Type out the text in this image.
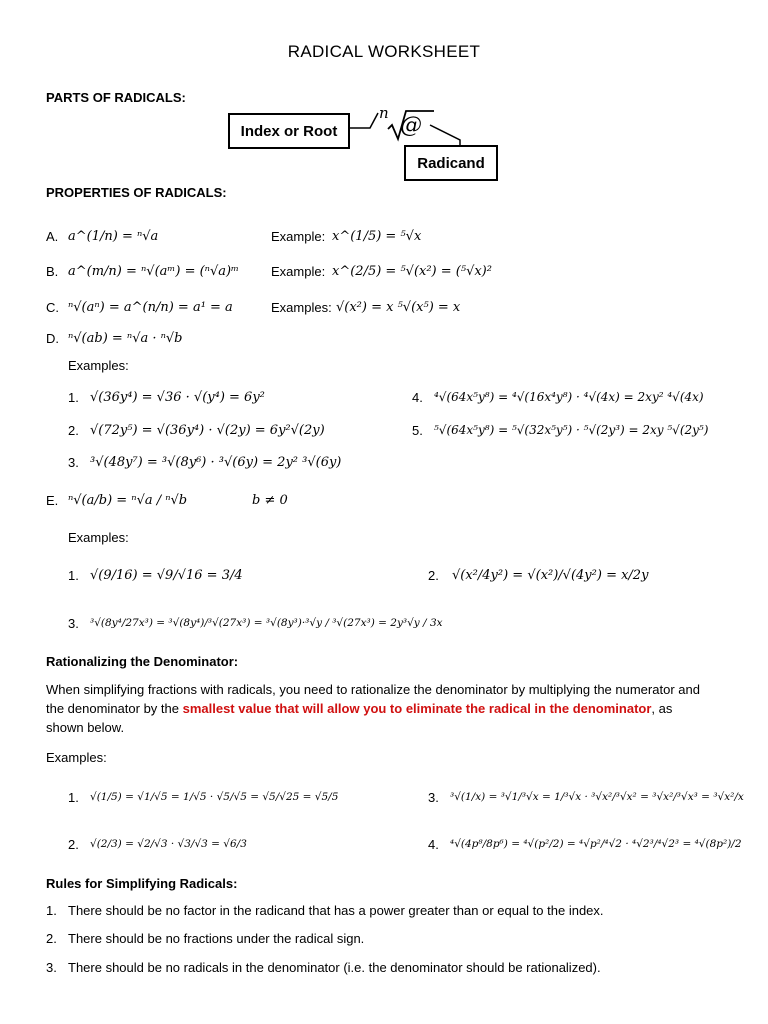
RADICAL WORKSHEET
PARTS OF RADICALS:
Index or Root
n @
Radicand
PROPERTIES OF RADICALS:
A. a^(1/n) = ⁿ√a	Example: x^(1/5) = ⁵√x
B. a^(m/n) = ⁿ√(aᵐ) = (ⁿ√a)ᵐ Example: x^(2/5) = ⁵√(x²) = (⁵√x)²
C. ⁿ√(aⁿ) = a^(n/n) = a¹ = a	Examples: √(x²) = x ⁵√(x⁵) = x
D. ⁿ√(ab) = ⁿ√a · ⁿ√b
Examples:
1. √(36y⁴) = √36 · √(y⁴) = 6y²
2. √(72y⁵) = √(36y⁴) · √(2y) = 6y²√(2y)
3. ³√(48y⁷) = ³√(8y⁶) · ³√(6y) = 2y² ³√(6y)
4. ⁴√(64x⁵y⁸) = ⁴√(16x⁴y⁸) · ⁴√(4x) = 2xy² ⁴√(4x)
5. ⁵√(64x⁵y⁸) = ⁵√(32x⁵y⁵) · ⁵√(2y³) = 2xy ⁵√(2y⁵)
E. ⁿ√(a/b) = ⁿ√a / ⁿ√b	b ≠ 0
Examples:
1. √(9/16) = √9/√16 = 3/4	2. √(x²/4y²) = √(x²)/√(4y²) = x/2y
3. ³√(8y⁴/27x³) = ³√(8y⁴)/³√(27x³) = ³√(8y³)·³√y / ³√(27x³) = 2y³√y / 3x
Rationalizing the Denominator:
When simplifying fractions with radicals, you need to rationalize the denominator by multiplying the numerator and the denominator by the smallest value that will allow you to eliminate the radical in the denominator, as shown below.
Examples:
1. √(1/5) = √1/√5 = 1/√5 · √5/√5 = √5/√25 = √5/5
2. √(2/3) = √2/√3 · √3/√3 = √6/3
3. ³√(1/x) = ³√1/³√x = 1/³√x · ³√x²/³√x² = ³√x²/³√x³ = ³√x²/x
4. ⁴√(4p⁸/8p⁶) = ⁴√(p²/2) = ⁴√p²/⁴√2 · ⁴√2³/⁴√2³ = ⁴√(8p²)/2
Rules for Simplifying Radicals:
1. There should be no factor in the radicand that has a power greater than or equal to the index.
2. There should be no fractions under the radical sign.
3. There should be no radicals in the denominator (i.e. the denominator should be rationalized).
